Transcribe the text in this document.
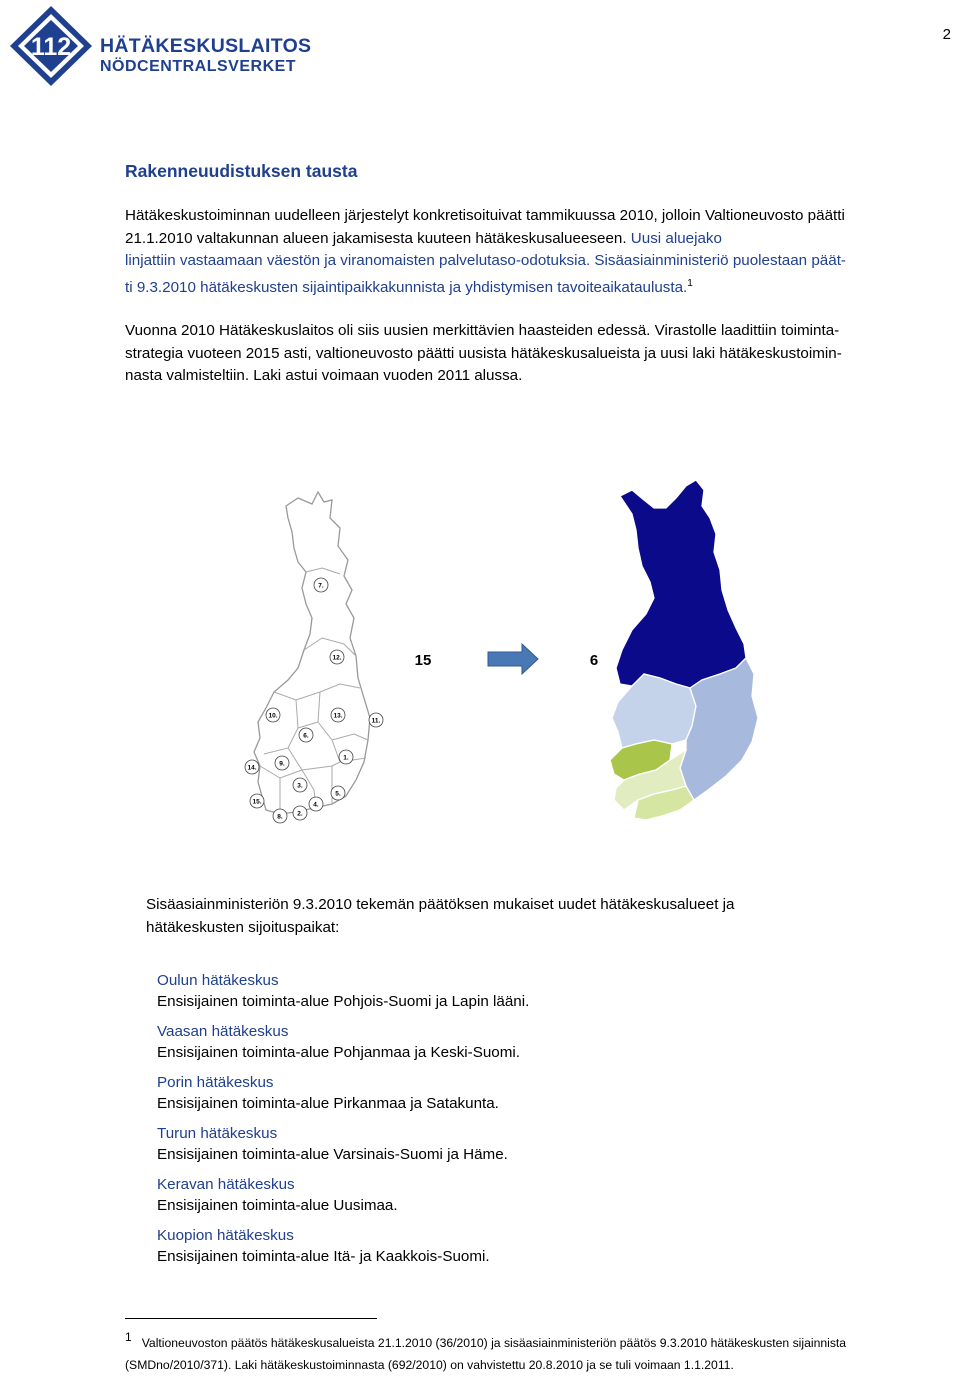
112 HÄTÄKESKUSLAITOS
NÖDCENTRALSVERKET
2
Rakenneuudistuksen tausta
Hätäkeskustoiminnan uudelleen järjestelyt konkretisoituivat tammikuussa 2010, jolloin Valtioneuvosto päätti
21.1.2010 valtakunnan alueen jakamisesta kuuteen hätäkeskusalueeseen. Uusi aluejako
linjattiin vastaamaan väestön ja viranomaisten palvelutaso-odotuksia. Sisäasiainministeriö puolestaan päät-
ti 9.3.2010 hätäkeskusten sijaintipaikkakunnista ja yhdistymisen tavoiteaikataulusta.$^1$
Vuonna 2010 Hätäkeskuslaitos oli siis uusien merkittävien haasteiden edessä. Virastolle laadittiin toiminta-
strategia vuoteen 2015 asti, valtioneuvosto päätti uusista hätäkeskusalueista ja uusi laki hätäkeskustoimin-
nasta valmisteltiin. Laki astui voimaan vuoden 2011 alussa.
7.
12.
10.	13.
11.
6.
1.
14.
9.
3.
5.
15.	4.
8. 2.
15	6
Sisäasiainministeriön 9.3.2010 tekemän päätöksen mukaiset uudet hätäkeskusalueet ja
hätäkeskusten sijoituspaikat:
Oulun hätäkeskus
Ensisijainen toiminta-alue Pohjois-Suomi ja Lapin lääni.
Vaasan hätäkeskus
Ensisijainen toiminta-alue Pohjanmaa ja Keski-Suomi.
Porin hätäkeskus
Ensisijainen toiminta-alue Pirkanmaa ja Satakunta.
Turun hätäkeskus
Ensisijainen toiminta-alue Varsinais-Suomi ja Häme.
Keravan hätäkeskus
Ensisijainen toiminta-alue Uusimaa.
Kuopion hätäkeskus
Ensisijainen toiminta-alue Itä- ja Kaakkois-Suomi.
$^1$ Valtioneuvoston päätös hätäkeskusalueista 21.1.2010 (36/2010) ja sisäasiainministeriön päätös 9.3.2010 hätäkeskusten sijainnista
(SMDno/2010/371). Laki hätäkeskustoiminnasta (692/2010) on vahvistettu 20.8.2010 ja se tuli voimaan 1.1.2011.
